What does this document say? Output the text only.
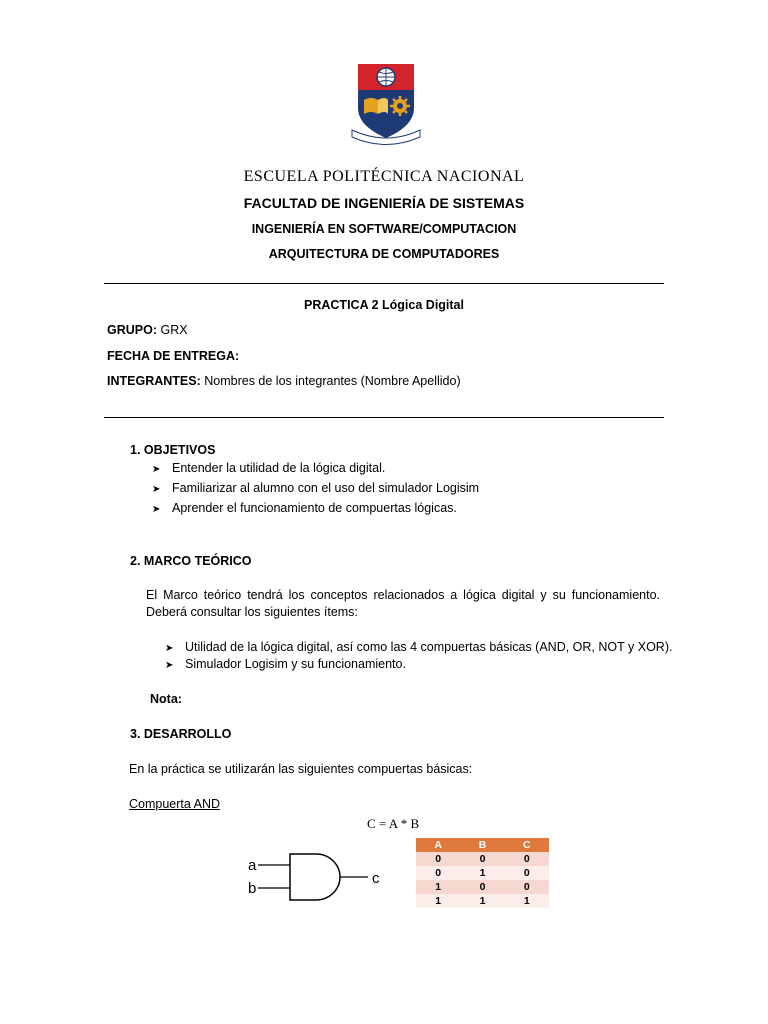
ESCUELA POLITÉCNICA NACIONAL
FACULTAD DE INGENIERÍA DE SISTEMAS
INGENIERÍA EN SOFTWARE/COMPUTACION
ARQUITECTURA DE COMPUTADORES
PRACTICA 2 Lógica Digital
GRUPO: GRX
FECHA DE ENTREGA:
INTEGRANTES: Nombres de los integrantes (Nombre Apellido)
1. OBJETIVOS
➤ Entender la utilidad de la lógica digital.
➤ Familiarizar al alumno con el uso del simulador Logisim
➤ Aprender el funcionamiento de compuertas lógicas.
2. MARCO TEÓRICO
El Marco teórico tendrá los conceptos relacionados a lógica digital y su funcionamiento. Deberá consultar los siguientes ítems:
➤ Utilidad de la lógica digital, así como las 4 compuertas básicas (AND, OR, NOT y XOR).
➤ Simulador Logisim y su funcionamiento.
Nota:
3. DESARROLLO
En la práctica se utilizarán las siguientes compuertas básicas:
Compuerta AND
C = A * B
a
b
c
A	B	C
0	0	0
0	1	0
1	0	0
1	1	1
